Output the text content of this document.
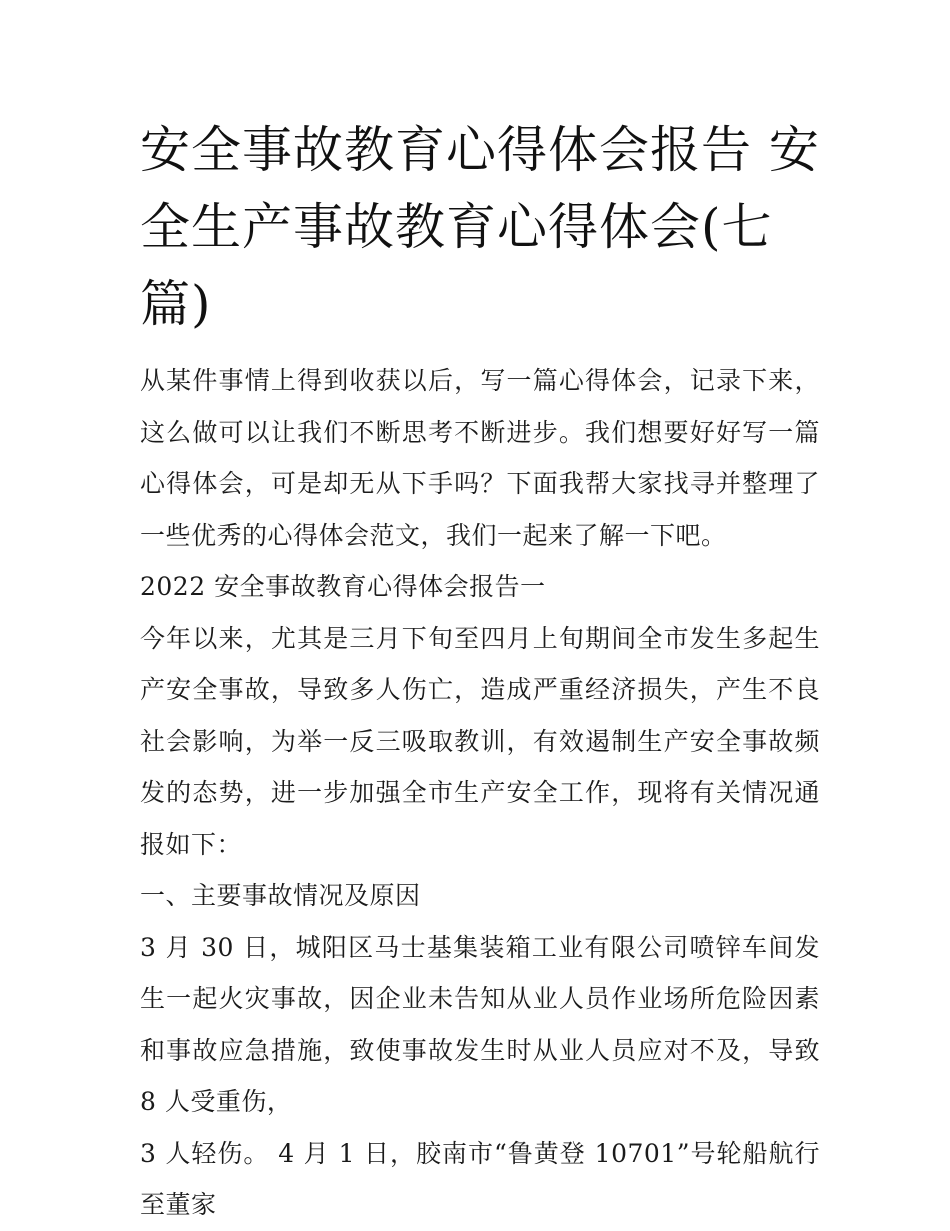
安全事故教育心得体会报告 安全生产事故教育心得体会(七篇)

从某件事情上得到收获以后，写一篇心得体会，记录下来，这么做可以让我们不断思考不断进步。我们想要好好写一篇心得体会，可是却无从下手吗？下面我帮大家找寻并整理了一些优秀的心得体会范文，我们一起来了解一下吧。

2022 安全事故教育心得体会报告一

今年以来，尤其是三月下旬至四月上旬期间全市发生多起生产安全事故，导致多人伤亡，造成严重经济损失，产生不良社会影响，为举一反三吸取教训，有效遏制生产安全事故频发的态势，进一步加强全市生产安全工作，现将有关情况通报如下：

一、主要事故情况及原因

3 月 30 日，城阳区马士基集装箱工业有限公司喷锌车间发生一起火灾事故，因企业未告知从业人员作业场所危险因素和事故应急措施，致使事故发生时从业人员应对不及，导致 8 人受重伤，

3 人轻伤。 4 月 1 日，胶南市“鲁黄登 10701”号轮船航行至董家
